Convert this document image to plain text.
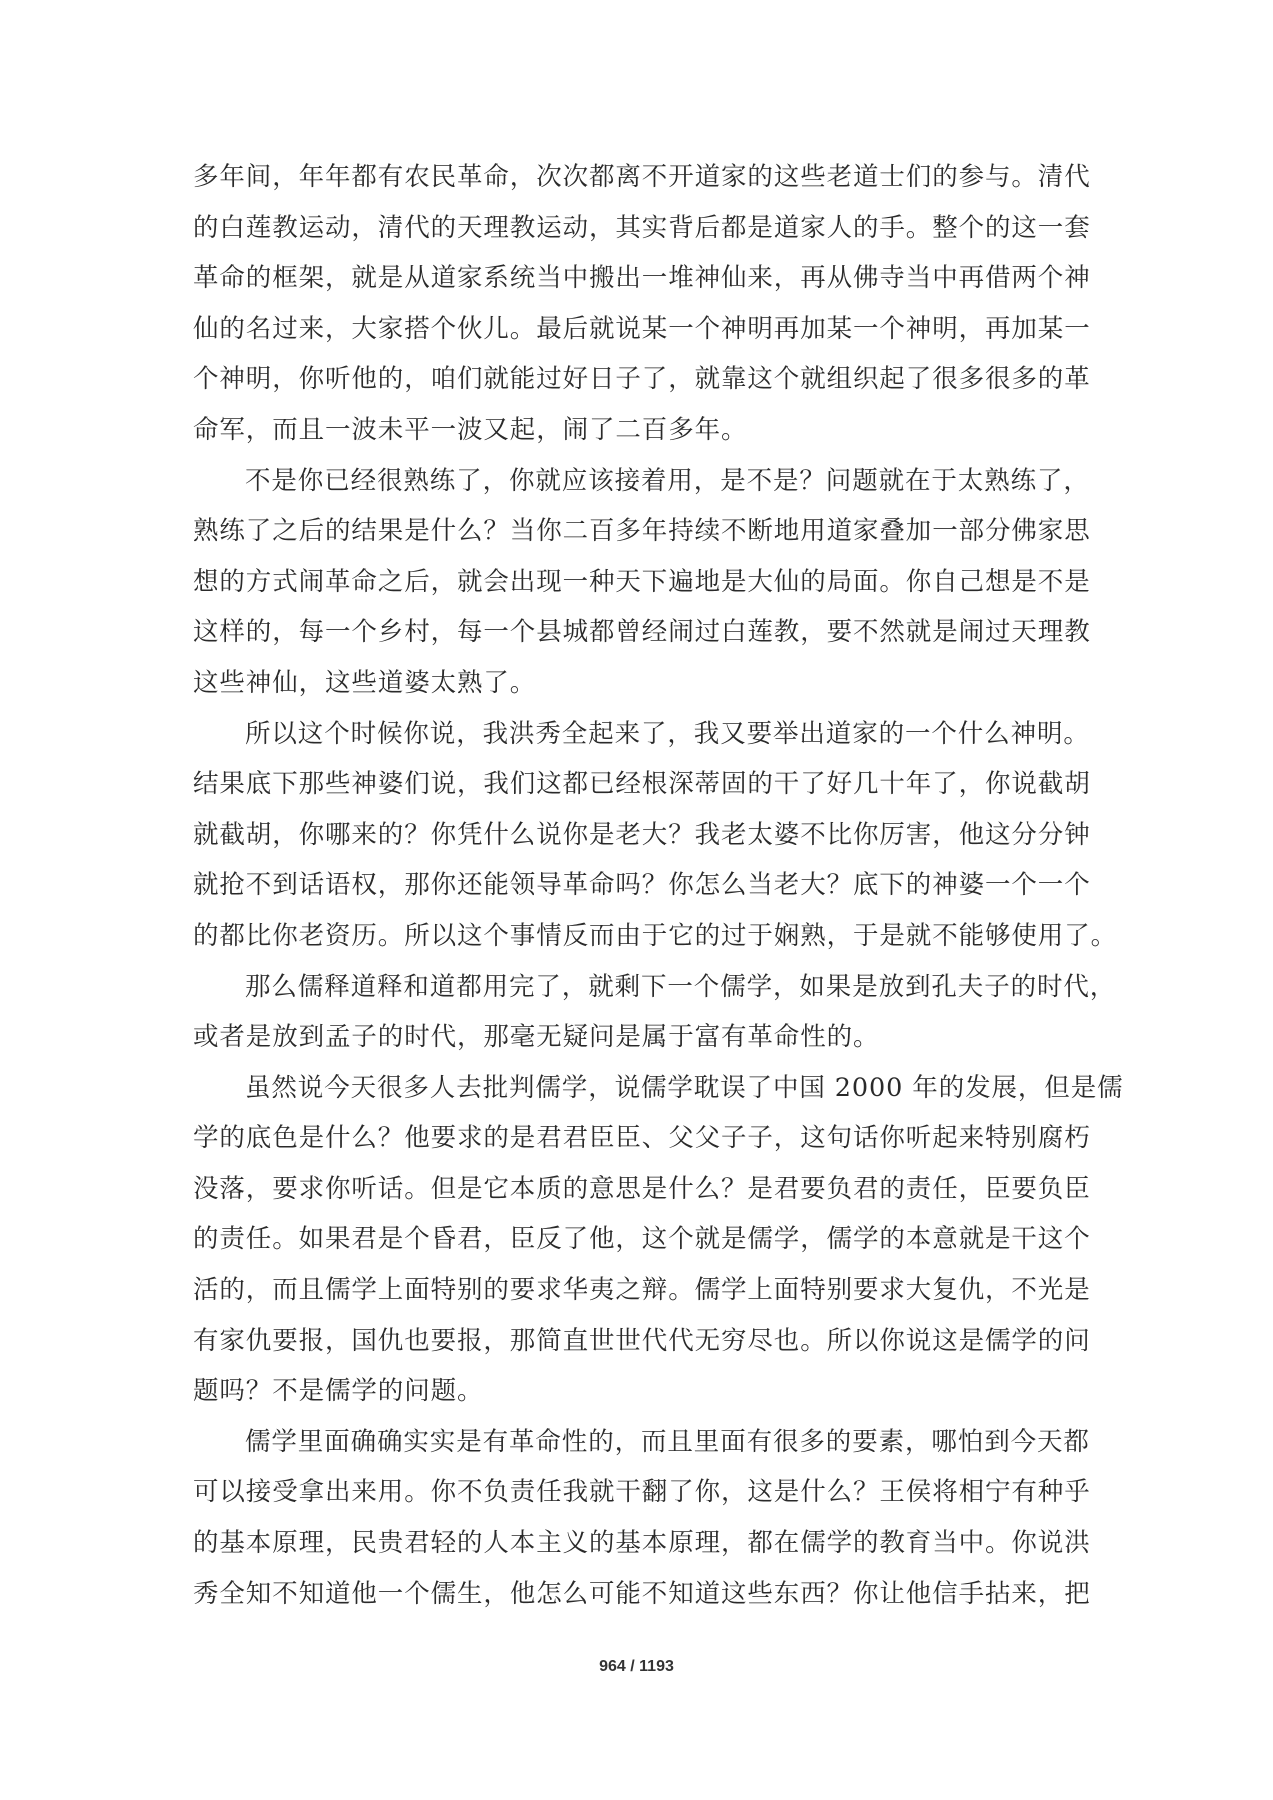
多年间，年年都有农民革命，次次都离不开道家的这些老道士们的参与。清代
的白莲教运动，清代的天理教运动，其实背后都是道家人的手。整个的这一套
革命的框架，就是从道家系统当中搬出一堆神仙来，再从佛寺当中再借两个神
仙的名过来，大家搭个伙儿。最后就说某一个神明再加某一个神明，再加某一
个神明，你听他的，咱们就能过好日子了，就靠这个就组织起了很多很多的革
命军，而且一波未平一波又起，闹了二百多年。
不是你已经很熟练了，你就应该接着用，是不是？问题就在于太熟练了，
熟练了之后的结果是什么？当你二百多年持续不断地用道家叠加一部分佛家思
想的方式闹革命之后，就会出现一种天下遍地是大仙的局面。你自己想是不是
这样的，每一个乡村，每一个县城都曾经闹过白莲教，要不然就是闹过天理教
这些神仙，这些道婆太熟了。
所以这个时候你说，我洪秀全起来了，我又要举出道家的一个什么神明。
结果底下那些神婆们说，我们这都已经根深蒂固的干了好几十年了，你说截胡
就截胡，你哪来的？你凭什么说你是老大？我老太婆不比你厉害，他这分分钟
就抢不到话语权，那你还能领导革命吗？你怎么当老大？底下的神婆一个一个
的都比你老资历。所以这个事情反而由于它的过于娴熟，于是就不能够使用了。
那么儒释道释和道都用完了，就剩下一个儒学，如果是放到孔夫子的时代，
或者是放到孟子的时代，那毫无疑问是属于富有革命性的。
虽然说今天很多人去批判儒学，说儒学耽误了中国 2000 年的发展，但是儒
学的底色是什么？他要求的是君君臣臣、父父子子，这句话你听起来特别腐朽
没落，要求你听话。但是它本质的意思是什么？是君要负君的责任，臣要负臣
的责任。如果君是个昏君，臣反了他，这个就是儒学，儒学的本意就是干这个
活的，而且儒学上面特别的要求华夷之辩。儒学上面特别要求大复仇，不光是
有家仇要报，国仇也要报，那简直世世代代无穷尽也。所以你说这是儒学的问
题吗？不是儒学的问题。
儒学里面确确实实是有革命性的，而且里面有很多的要素，哪怕到今天都
可以接受拿出来用。你不负责任我就干翻了你，这是什么？王侯将相宁有种乎
的基本原理，民贵君轻的人本主义的基本原理，都在儒学的教育当中。你说洪
秀全知不知道他一个儒生，他怎么可能不知道这些东西？你让他信手拈来，把
964 / 1193
